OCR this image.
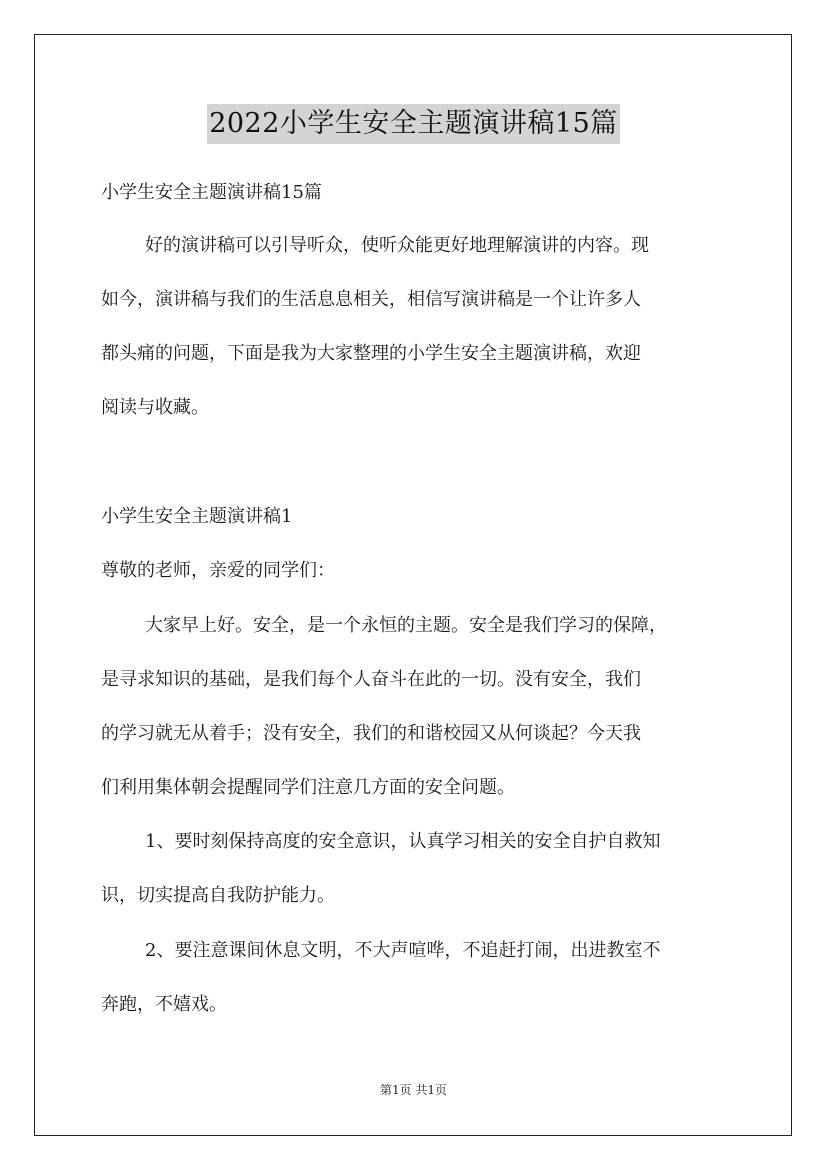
2022小学生安全主题演讲稿15篇
小学生安全主题演讲稿15篇
好的演讲稿可以引导听众，使听众能更好地理解演讲的内容。现
如今，演讲稿与我们的生活息息相关，相信写演讲稿是一个让许多人
都头痛的问题，下面是我为大家整理的小学生安全主题演讲稿，欢迎
阅读与收藏。
小学生安全主题演讲稿1
尊敬的老师，亲爱的同学们：
大家早上好。安全，是一个永恒的主题。安全是我们学习的保障，
是寻求知识的基础，是我们每个人奋斗在此的一切。没有安全，我们
的学习就无从着手；没有安全，我们的和谐校园又从何谈起？今天我
们利用集体朝会提醒同学们注意几方面的安全问题。
1、要时刻保持高度的安全意识，认真学习相关的安全自护自救知
识，切实提高自我防护能力。
2、要注意课间休息文明，不大声喧哗，不追赶打闹，出进教室不
奔跑，不嬉戏。
第1页 共1页
